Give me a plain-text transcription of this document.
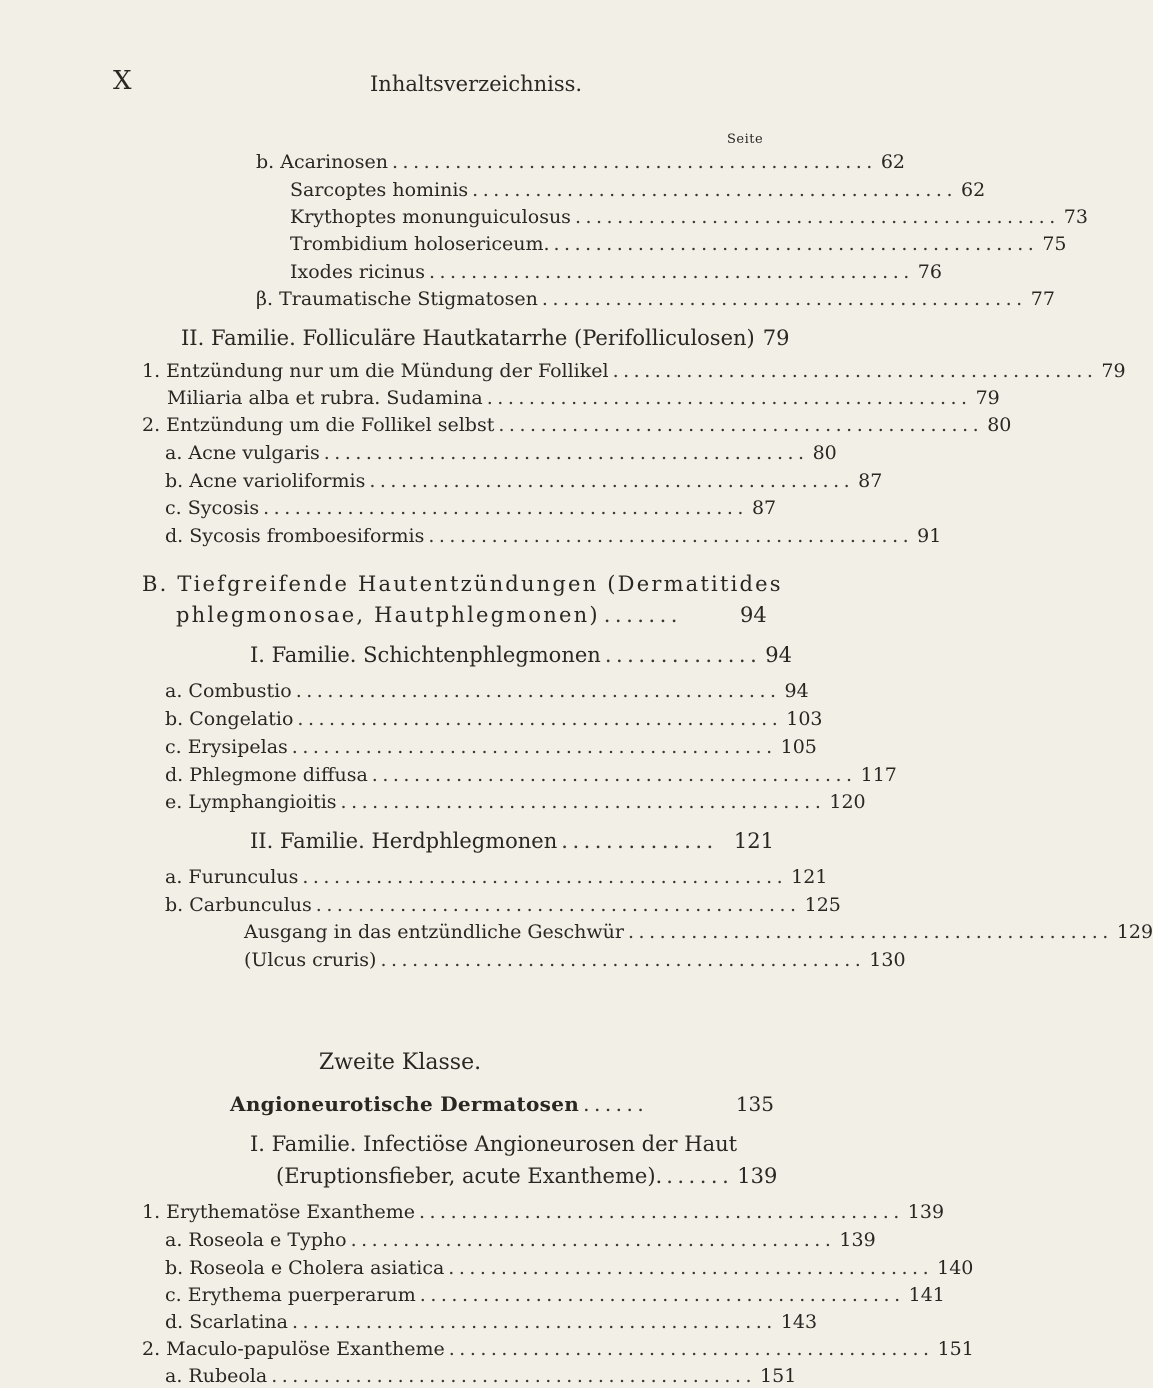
X	Inhaltsverzeichniss.
Seite
b. Acarinosen .............................................. 62
Sarcoptes hominis .............................................. 62
Krythoptes monunguiculosus .............................................. 73
Trombidium holosericeum. .............................................. 75
Ixodes ricinus .............................................. 76
β. Traumatische Stigmatosen .............................................. 77
II. Familie. Folliculäre Hautkatarrhe (Perifolliculosen) 79
1. Entzündung nur um die Mündung der Follikel .............................................. 79
Miliaria alba et rubra. Sudamina .............................................. 79
2. Entzündung um die Follikel selbst .............................................. 80
a. Acne vulgaris .............................................. 80
b. Acne varioliformis .............................................. 87
c. Sycosis .............................................. 87
d. Sycosis fromboesiformis .............................................. 91
B. Tiefgreifende Hautentzündungen (Dermatitides
phlegmonosae, Hautphlegmonen) .......	94
I. Familie. Schichtenphlegmonen .............. 94
a. Combustio .............................................. 94
b. Congelatio .............................................. 103
c. Erysipelas .............................................. 105
d. Phlegmone diffusa .............................................. 117
e. Lymphangioitis .............................................. 120
II. Familie. Herdphlegmonen .............. 121
a. Furunculus .............................................. 121
b. Carbunculus .............................................. 125
Ausgang in das entzündliche Geschwür .............................................. 129
(Ulcus cruris) .............................................. 130
Zweite Klasse.
Angioneurotische Dermatosen ......	135
I. Familie. Infectiöse Angioneurosen der Haut
(Eruptionsfieber, acute Exantheme). ...... 139
1. Erythematöse Exantheme .............................................. 139
a. Roseola e Typho .............................................. 139
b. Roseola e Cholera asiatica .............................................. 140
c. Erythema puerperarum .............................................. 141
d. Scarlatina .............................................. 143
2. Maculo-papulöse Exantheme .............................................. 151
a. Rubeola .............................................. 151
